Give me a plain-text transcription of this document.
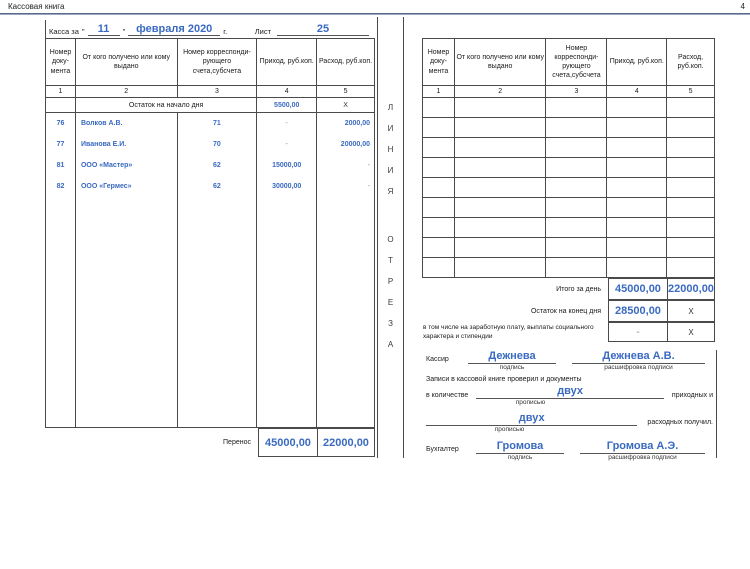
Кассовая книга	4
Касса за "	11	" февраля 2020	г.	Лист	25
Номер доку- мента	От кого получено или кому выдано	Номер корреспонди- рующего счета,субсчета	Приход, руб.коп.	Расход, руб.коп.
1	2	3	4	5
	Остаток на начало дня		5500,00	X
76	Волков А.В.	71	-	2000,00
77	Иванова Е.И.	70	-	20000,00
81	ООО «Мастер»	62	15000,00	-
82	ООО «Гермес»	62	30000,00	-

Перенос	45000,00	22000,00
Л
И
Н
И
Я
О
Т
Р
Е
З
А
Номер доку- мента	От кого получено или кому выдано	Номер корреспонди- рующего счета,субсчета	Приход, руб.коп.	Расход, руб.коп.
1	2	3	4	5

Итого за день	45000,00 22000,00
Остаток на конец дня	28500,00	X
в том числе на заработную плату, выплаты социального характера и стипендии	-	X
Кассир	Дежнева	Дежнева А.В.
подпись	расшифровка подписи
Записи в кассовой книге проверил и документы
в количестве	двух	приходных и
прописью
двух	расходных получил.
прописью
Бухгалтер	Громова	Громова А.Э.
подпись	расшифровка подписи
